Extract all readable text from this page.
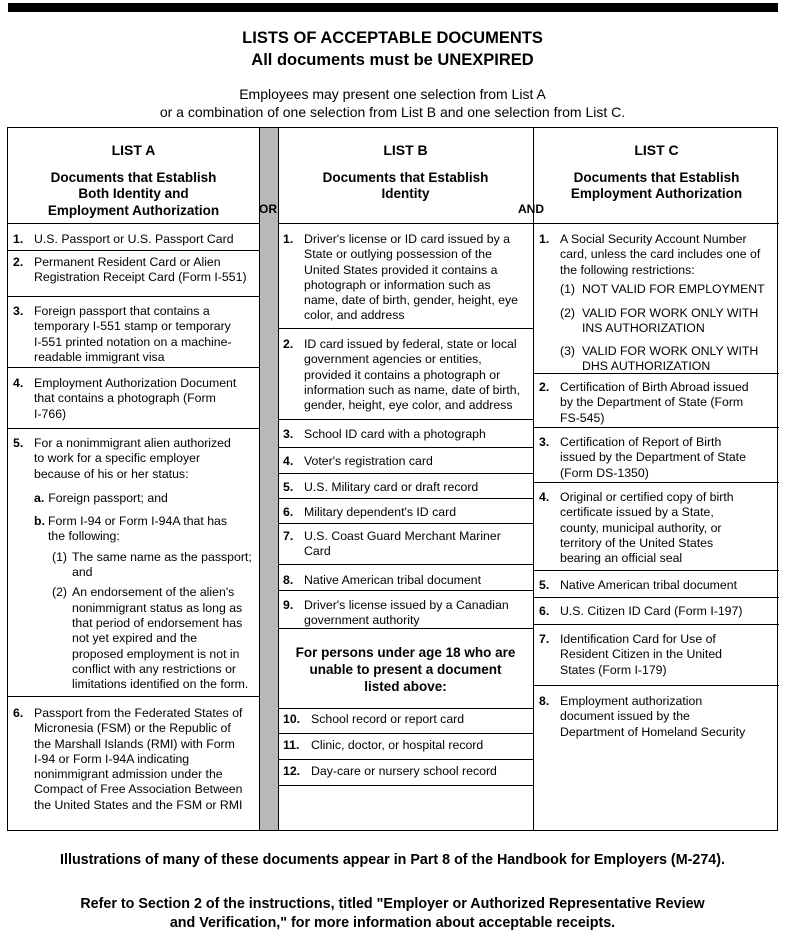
LISTS OF ACCEPTABLE DOCUMENTS
All documents must be UNEXPIRED
Employees may present one selection from List A
or a combination of one selection from List B and one selection from List C.
LIST A
Documents that Establish
Both Identity and
Employment Authorization	OR
LIST B
Documents that Establish
Identity
AND
LIST C
Documents that Establish
Employment Authorization
1. U.S. Passport or U.S. Passport Card
2. Permanent Resident Card or Alien
Registration Receipt Card (Form I-551)
3. Foreign passport that contains a
temporary I-551 stamp or temporary
I-551 printed notation on a machine-
readable immigrant visa
4. Employment Authorization Document
that contains a photograph (Form
I-766)
5. For a nonimmigrant alien authorized
to work for a specific employer
because of his or her status:
a. Foreign passport; and
b. Form I-94 or Form I-94A that has
the following:
(1) The same name as the passport;
and
(2) An endorsement of the alien's
nonimmigrant status as long as
that period of endorsement has
not yet expired and the
proposed employment is not in
conflict with any restrictions or
limitations identified on the form.
6. Passport from the Federated States of
Micronesia (FSM) or the Republic of
the Marshall Islands (RMI) with Form
I-94 or Form I-94A indicating
nonimmigrant admission under the
Compact of Free Association Between
the United States and the FSM or RMI
1. Driver's license or ID card issued by a
State or outlying possession of the
United States provided it contains a
photograph or information such as
name, date of birth, gender, height, eye
color, and address
2. ID card issued by federal, state or local
government agencies or entities,
provided it contains a photograph or
information such as name, date of birth,
gender, height, eye color, and address
3. School ID card with a photograph
4. Voter's registration card
5. U.S. Military card or draft record
6. Military dependent's ID card
7. U.S. Coast Guard Merchant Mariner
Card
8. Native American tribal document
9. Driver's license issued by a Canadian
government authority
For persons under age 18 who are
unable to present a document
listed above:
10. School record or report card
11. Clinic, doctor, or hospital record
12. Day-care or nursery school record
1. A Social Security Account Number
card, unless the card includes one of
the following restrictions:
(1) NOT VALID FOR EMPLOYMENT
(2) VALID FOR WORK ONLY WITH
INS AUTHORIZATION
(3) VALID FOR WORK ONLY WITH
DHS AUTHORIZATION
2. Certification of Birth Abroad issued
by the Department of State (Form
FS-545)
3. Certification of Report of Birth
issued by the Department of State
(Form DS-1350)
4. Original or certified copy of birth
certificate issued by a State,
county, municipal authority, or
territory of the United States
bearing an official seal
5. Native American tribal document
6. U.S. Citizen ID Card (Form I-197)
7. Identification Card for Use of
Resident Citizen in the United
States (Form I-179)
8. Employment authorization
document issued by the
Department of Homeland Security
Illustrations of many of these documents appear in Part 8 of the Handbook for Employers (M-274).
Refer to Section 2 of the instructions, titled "Employer or Authorized Representative Review
and Verification," for more information about acceptable receipts.
